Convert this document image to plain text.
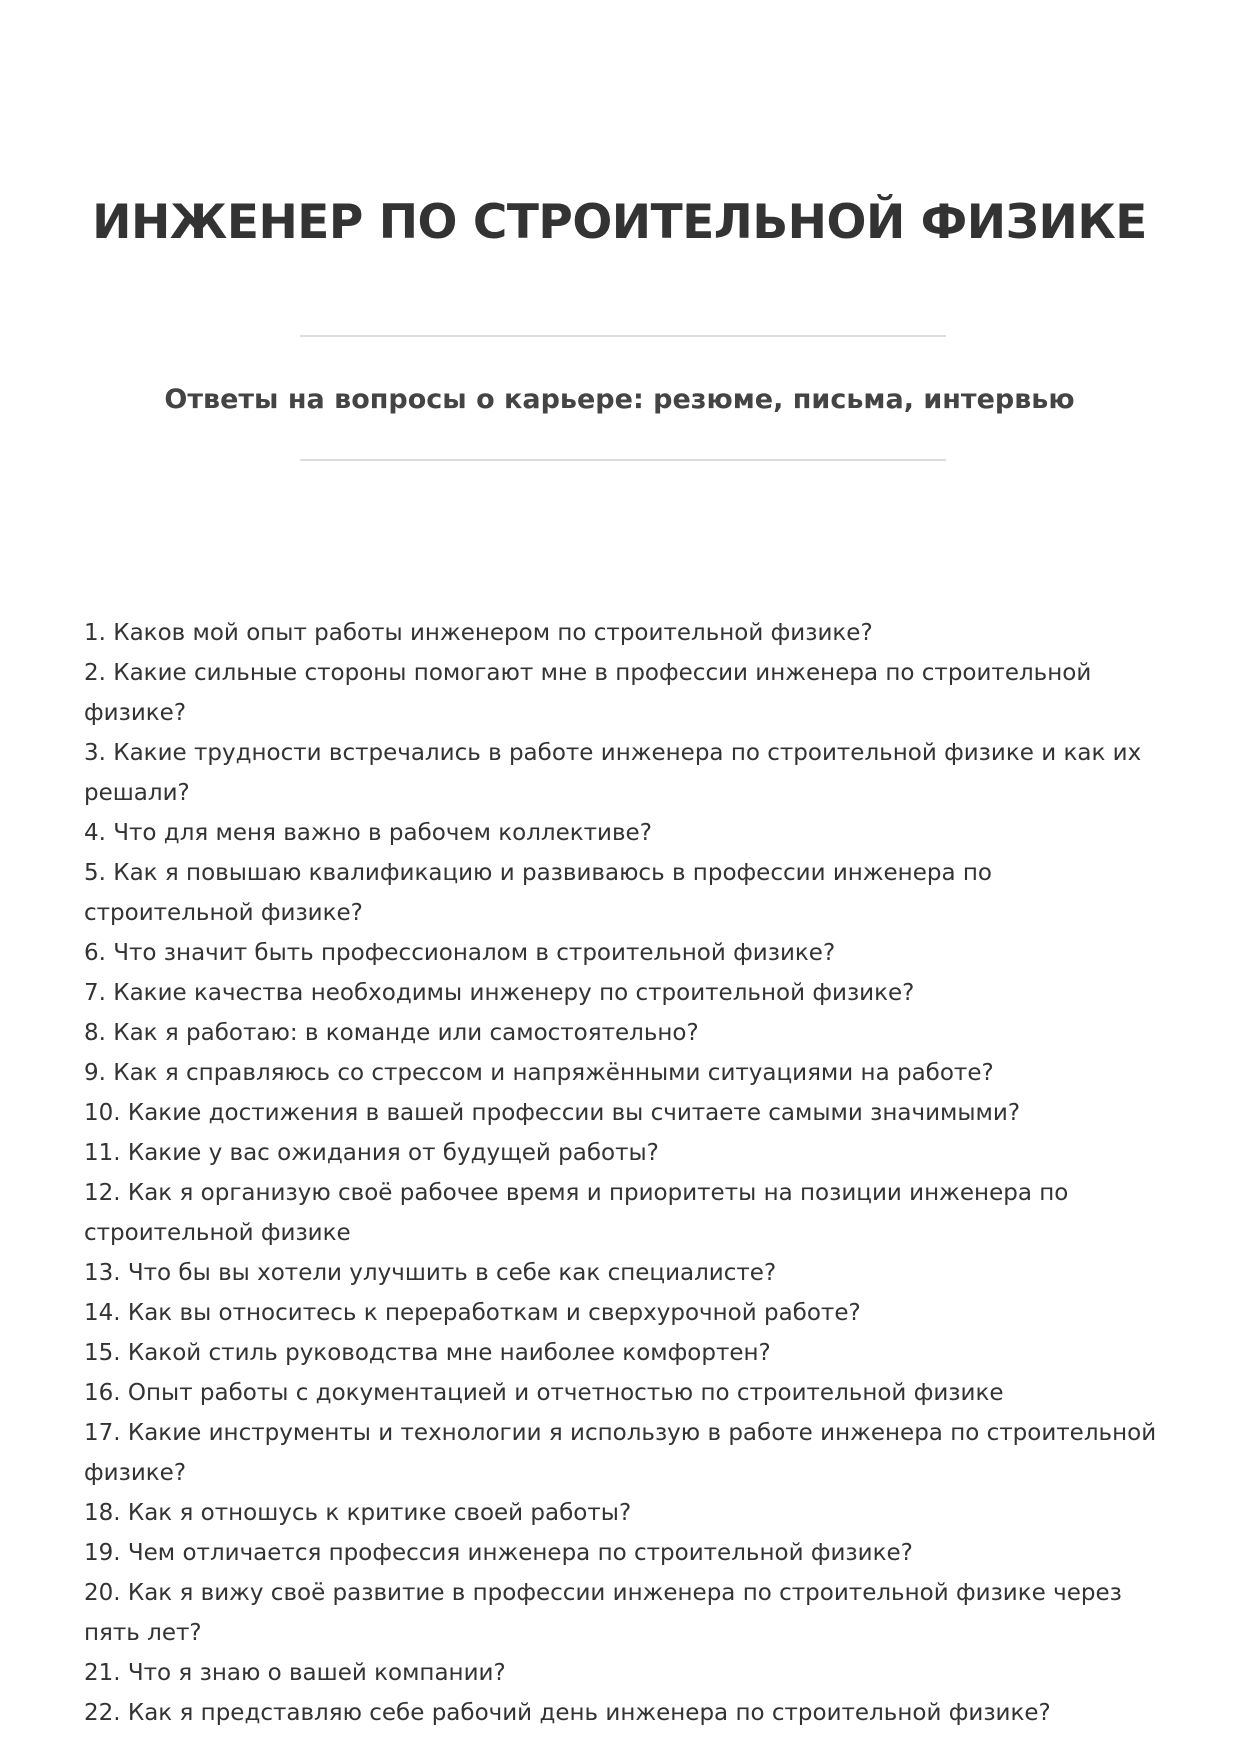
ИНЖЕНЕР ПО СТРОИТЕЛЬНОЙ ФИЗИКЕ
Ответы на вопросы о карьере: резюме, письма, интервью
1. Каков мой опыт работы инженером по строительной физике?
2. Какие сильные стороны помогают мне в профессии инженера по строительной физике?
3. Какие трудности встречались в работе инженера по строительной физике и как их решали?
4. Что для меня важно в рабочем коллективе?
5. Как я повышаю квалификацию и развиваюсь в профессии инженера по строительной физике?
6. Что значит быть профессионалом в строительной физике?
7. Какие качества необходимы инженеру по строительной физике?
8. Как я работаю: в команде или самостоятельно?
9. Как я справляюсь со стрессом и напряжёнными ситуациями на работе?
10. Какие достижения в вашей профессии вы считаете самыми значимыми?
11. Какие у вас ожидания от будущей работы?
12. Как я организую своё рабочее время и приоритеты на позиции инженера по строительной физике
13. Что бы вы хотели улучшить в себе как специалисте?
14. Как вы относитесь к переработкам и сверхурочной работе?
15. Какой стиль руководства мне наиболее комфортен?
16. Опыт работы с документацией и отчетностью по строительной физике
17. Какие инструменты и технологии я использую в работе инженера по строительной физике?
18. Как я отношусь к критике своей работы?
19. Чем отличается профессия инженера по строительной физике?
20. Как я вижу своё развитие в профессии инженера по строительной физике через пять лет?
21. Что я знаю о вашей компании?
22. Как я представляю себе рабочий день инженера по строительной физике?
